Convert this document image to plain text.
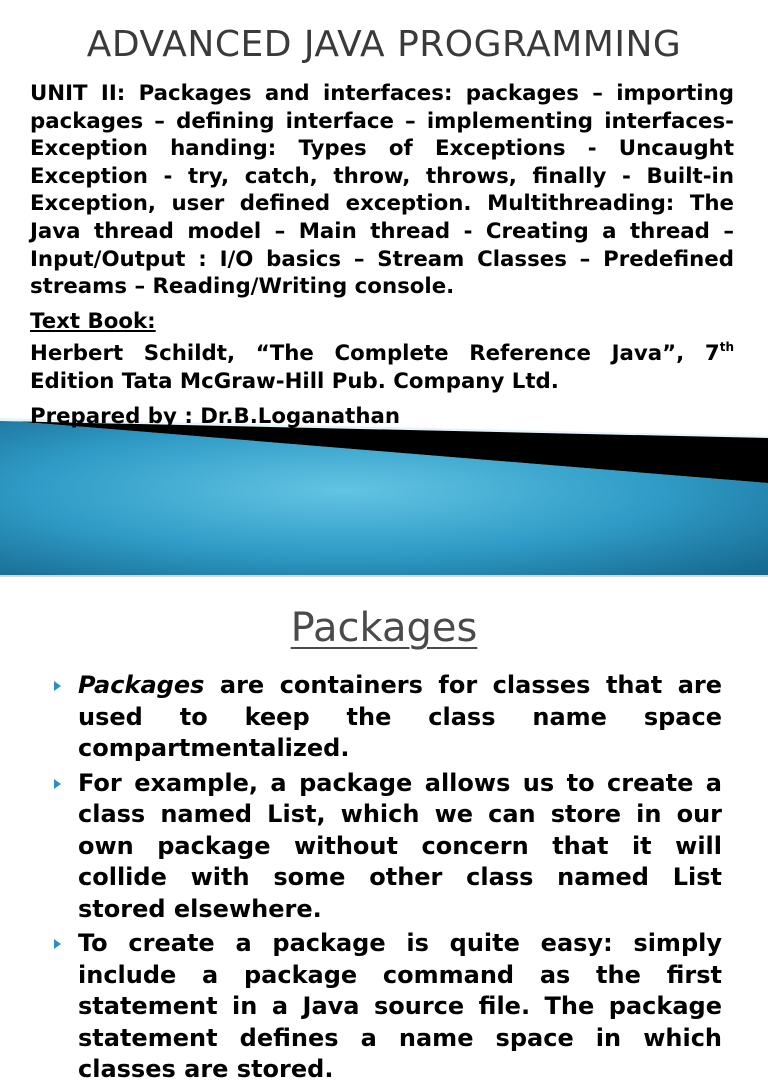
ADVANCED JAVA PROGRAMMING

UNIT II: Packages and interfaces: packages – importing packages – defining interface – implementing interfaces-Exception handing: Types of Exceptions - Uncaught Exception - try, catch, throw, throws, finally - Built-in Exception, user defined exception. Multithreading: The Java thread model – Main thread - Creating a thread – Input/Output : I/O basics – Stream Classes – Predefined streams – Reading/Writing console.

Text Book:

Herbert Schildt, “The Complete Reference Java”, 7th Edition Tata McGraw-Hill Pub. Company Ltd.

Prepared by : Dr.B.Loganathan

Packages
Packages are containers for classes that are used to keep the class name space compartmentalized.
For example, a package allows us to create a class named List, which we can store in our own package without concern that it will collide with some other class named List stored elsewhere.
To create a package is quite easy: simply include a package command as the first statement in a Java source file. The package statement defines a name space in which classes are stored.
